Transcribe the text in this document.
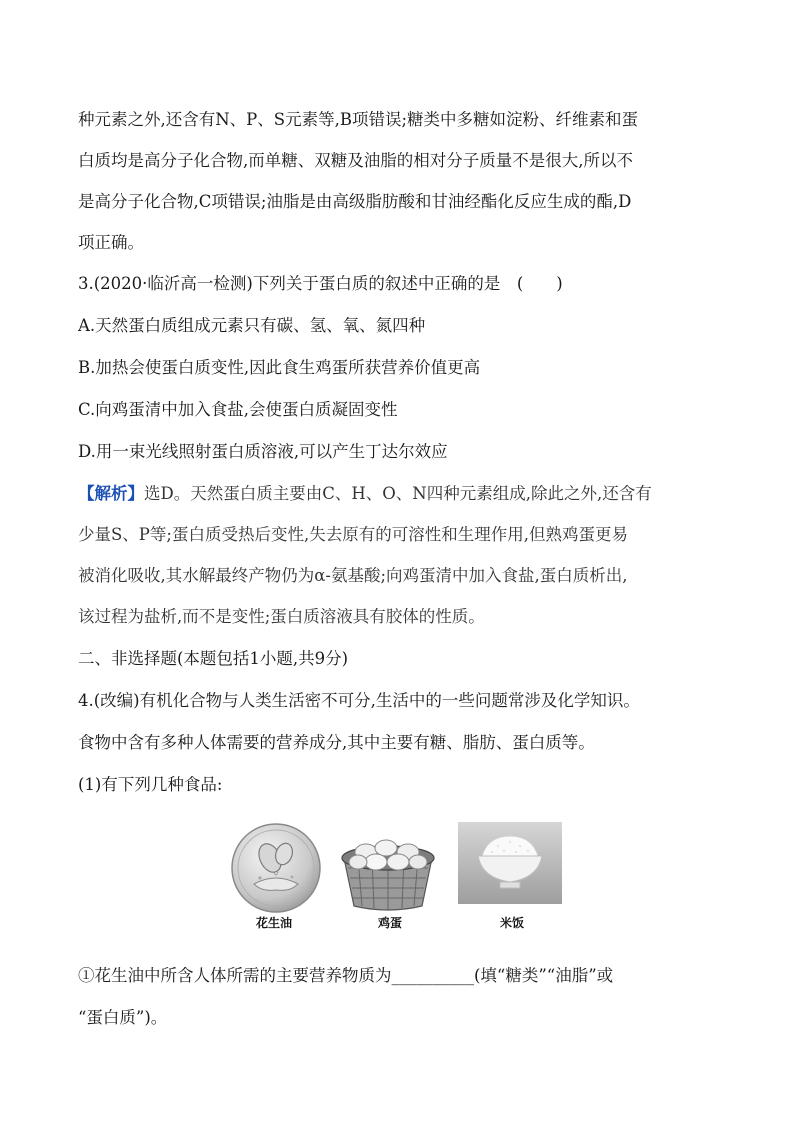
种元素之外,还含有N、P、S元素等,B项错误;糖类中多糖如淀粉、纤维素和蛋
白质均是高分子化合物,而单糖、双糖及油脂的相对分子质量不是很大,所以不
是高分子化合物,C项错误;油脂是由高级脂肪酸和甘油经酯化反应生成的酯,D
项正确。
3.(2020·临沂高一检测)下列关于蛋白质的叙述中正确的是　(　　)
A.天然蛋白质组成元素只有碳、氢、氧、氮四种
B.加热会使蛋白质变性,因此食生鸡蛋所获营养价值更高
C.向鸡蛋清中加入食盐,会使蛋白质凝固变性
D.用一束光线照射蛋白质溶液,可以产生丁达尔效应
【解析】选D。天然蛋白质主要由C、H、O、N四种元素组成,除此之外,还含有
少量S、P等;蛋白质受热后变性,失去原有的可溶性和生理作用,但熟鸡蛋更易
被消化吸收,其水解最终产物仍为α-氨基酸;向鸡蛋清中加入食盐,蛋白质析出,
该过程为盐析,而不是变性;蛋白质溶液具有胶体的性质。
二、非选择题(本题包括1小题,共9分)
4.(改编)有机化合物与人类生活密不可分,生活中的一些问题常涉及化学知识。
食物中含有多种人体需要的营养成分,其中主要有糖、脂肪、蛋白质等。
(1)有下列几种食品:
花生油	鸡蛋	米饭
①花生油中所含人体所需的主要营养物质为__________(填“糖类”“油脂”或
“蛋白质”)。
